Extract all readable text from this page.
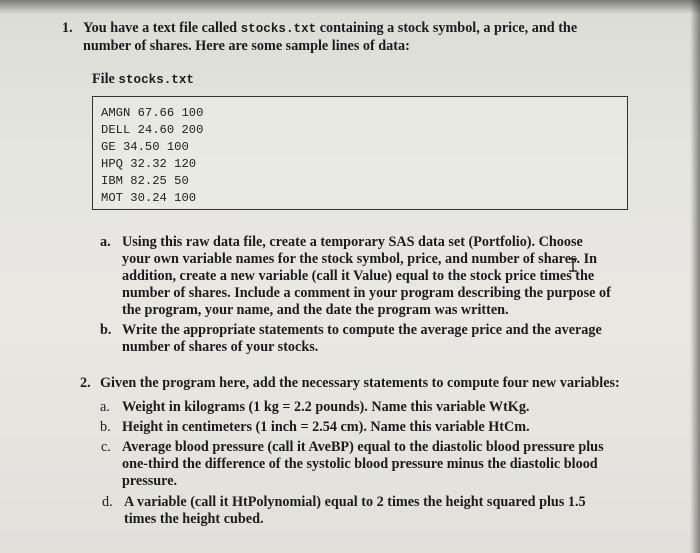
1. You have a text file called stocks.txt containing a stock symbol, a price, and the
number of shares. Here are some sample lines of data:
File stocks.txt
AMGN 67.66 100
DELL 24.60 200
GE 34.50 100
HPQ 32.32 120
IBM 82.25 50
MOT 30.24 100
a. Using this raw data file, create a temporary SAS data set (Portfolio). Choose
your own variable names for the stock symbol, price, and number of shares. In
addition, create a new variable (call it Value) equal to the stock price times the
number of shares. Include a comment in your program describing the purpose of
the program, your name, and the date the program was written.
b. Write the appropriate statements to compute the average price and the average
number of shares of your stocks.
2. Given the program here, add the necessary statements to compute four new variables:
a. Weight in kilograms (1 kg = 2.2 pounds). Name this variable WtKg.
b. Height in centimeters (1 inch = 2.54 cm). Name this variable HtCm.
c. Average blood pressure (call it AveBP) equal to the diastolic blood pressure plus
one-third the difference of the systolic blood pressure minus the diastolic blood
pressure.
d. A variable (call it HtPolynomial) equal to 2 times the height squared plus 1.5
times the height cubed.
